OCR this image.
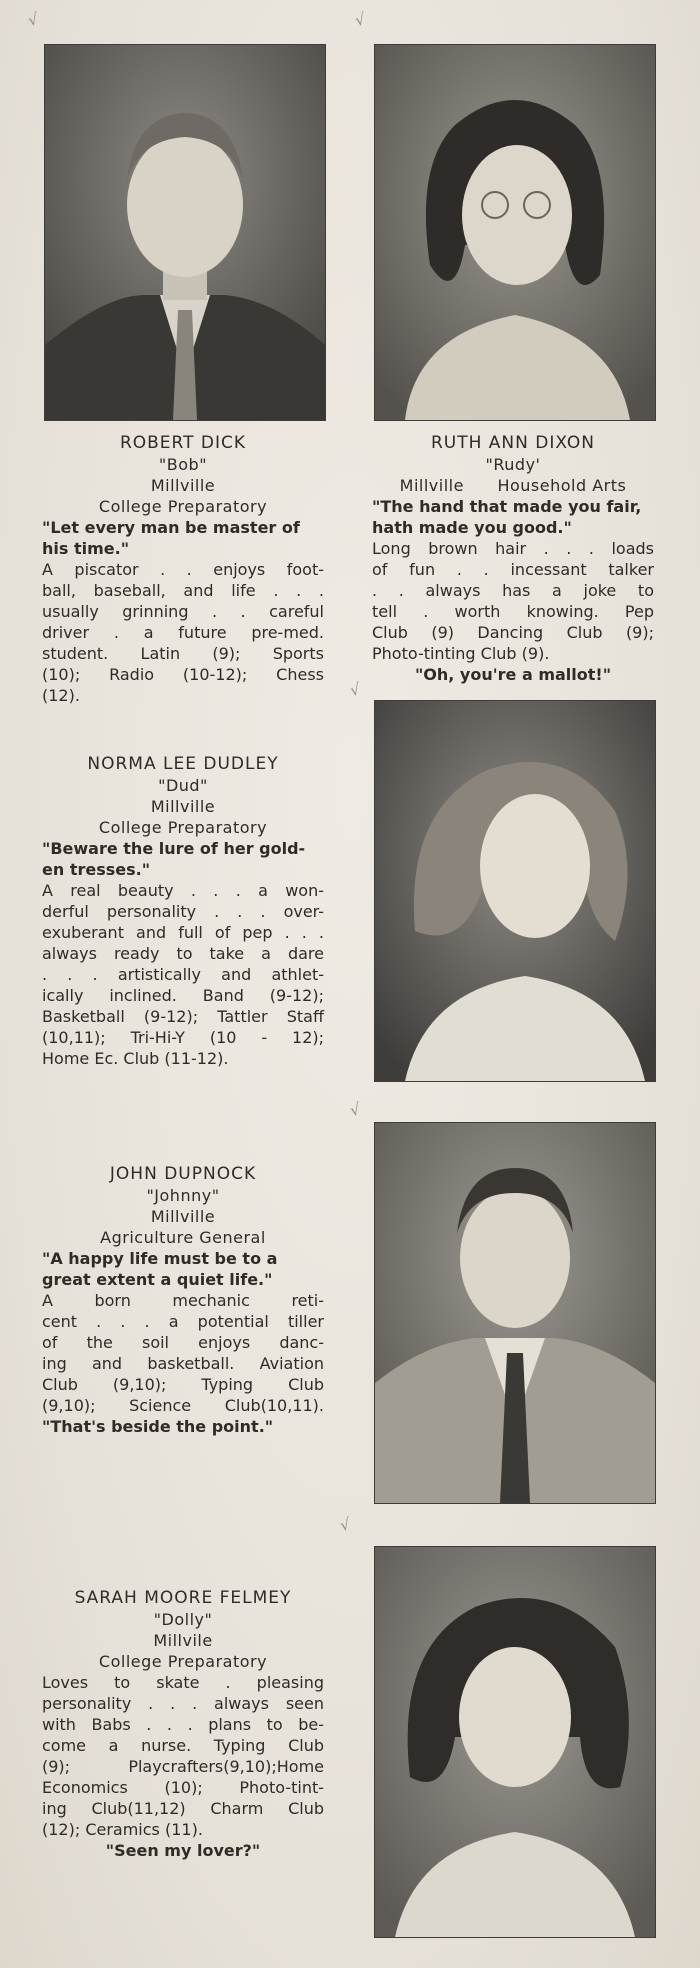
√	√
√
√
√
ROBERT DICK
"Bob"
Millville
College Preparatory
"Let every man be master of
his time."
A piscator . . enjoys foot-
ball, baseball, and life . . .
usually grinning . . careful
driver . a future pre-med.
student. Latin (9); Sports
(10); Radio (10-12); Chess
(12).
RUTH ANN DIXON
"Rudy'
Millville      Household Arts
"The hand that made you fair,
hath made you good."
Long brown hair . . . loads
of fun . . incessant talker
. . always has a joke to
tell . worth knowing. Pep
Club (9) Dancing Club (9);
Photo-tinting Club (9).
"Oh, you're a mallot!"
NORMA LEE DUDLEY
"Dud"
Millville
College Preparatory
"Beware the lure of her gold-
en tresses."
A real beauty . . . a won-
derful personality . . . over-
exuberant and full of pep . . .
always ready to take a dare
. . . artistically and athlet-
ically inclined. Band (9-12);
Basketball (9-12); Tattler Staff
(10,11); Tri-Hi-Y (10 - 12);
Home Ec. Club (11-12).
JOHN DUPNOCK
"Johnny"
Millville
Agriculture General
"A happy life must be to a
great extent a quiet life."
A born mechanic reti-
cent . . . a potential tiller
of the soil enjoys danc-
ing and basketball. Aviation
Club (9,10); Typing Club
(9,10); Science Club(10,11).
"That's beside the point."
SARAH MOORE FELMEY
"Dolly"
Millvile
College Preparatory
Loves to skate . pleasing
personality . . . always seen
with Babs . . . plans to be-
come a nurse. Typing Club
(9); Playcrafters(9,10);Home
Economics (10); Photo-tint-
ing Club(11,12) Charm Club
(12); Ceramics (11).
"Seen my lover?"
